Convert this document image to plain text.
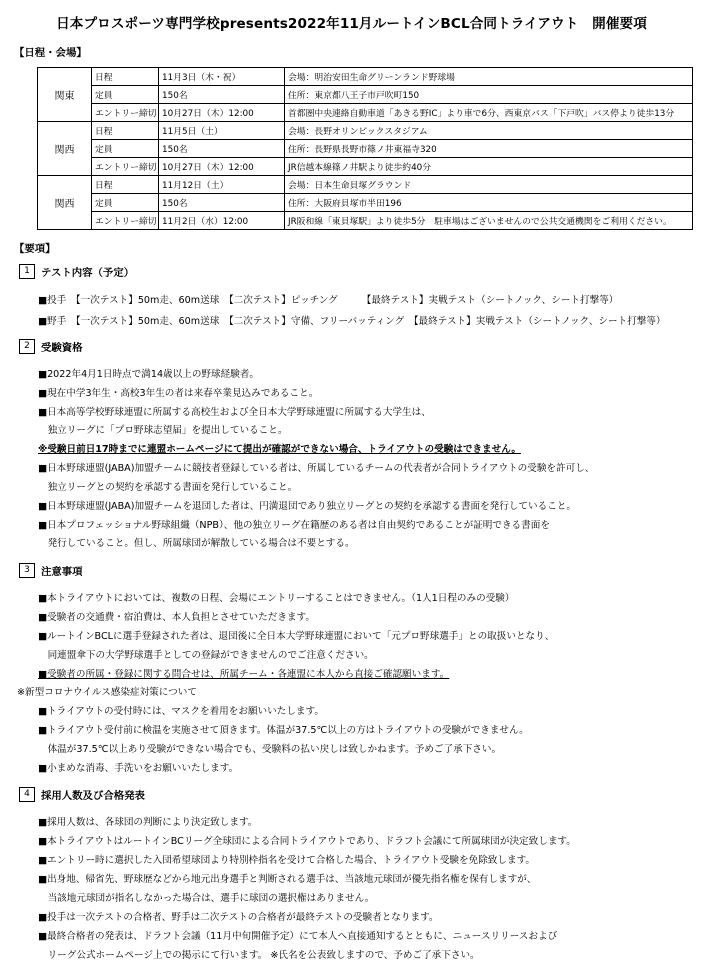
日本プロスポーツ専門学校presents2022年11月ルートインBCL合同トライアウト　開催要項
【日程・会場】
関東	日程	11月3日（木・祝）	会場：明治安田生命グリーンランド野球場
	定員	150名	住所：東京都八王子市戸吹町150
	エントリー締切	10月27日（木）12:00	首都圏中央連絡自動車道「あきる野IC」より車で6分、西東京バス「下戸吹」バス停より徒歩13分
関西	日程	11月5日（土）	会場：長野オリンピックスタジアム
	定員	150名	住所：長野県長野市篠ノ井東福寺320
	エントリー締切	10月27日（木）12:00	JR信越本線篠ノ井駅より徒歩約40分
関西	日程	11月12日（土）	会場：日本生命貝塚グラウンド
	定員	150名	住所：大阪府貝塚市半田196
	エントリー締切	11月2日（水）12:00	JR阪和線「東貝塚駅」より徒歩5分　駐車場はございませんので公共交通機関をご利用ください。
【要項】
1	テスト内容（予定）
■投手　【一次テスト】50m走、60m送球　【二次テスト】ピッチング　　　【最終テスト】実戦テスト（シートノック、シート打撃等）
■野手　【一次テスト】50m走、60m送球　【二次テスト】守備、フリーバッティング　【最終テスト】実戦テスト（シートノック、シート打撃等）
2	受験資格
■2022年4月1日時点で満14歳以上の野球経験者。
■現在中学3年生・高校3年生の者は来春卒業見込みであること。
■日本高等学校野球連盟に所属する高校生および全日本大学野球連盟に所属する大学生は、
　独立リーグに「プロ野球志望届」を提出していること。
※受験日前日17時までに連盟ホームページにて提出が確認ができない場合、トライアウトの受験はできません。
■日本野球連盟(JABA)加盟チームに競技者登録している者は、所属しているチームの代表者が合同トライアウトの受験を許可し、
　独立リーグとの契約を承認する書面を発行していること。
■日本野球連盟(JABA)加盟チームを退団した者は、円満退団であり独立リーグとの契約を承認する書面を発行していること。
■日本プロフェッショナル野球組織（NPB）、他の独立リーグ在籍歴のある者は自由契約であることが証明できる書面を
　発行していること。但し、所属球団が解散している場合は不要とする。
3	注意事項
■本トライアウトにおいては、複数の日程、会場にエントリーすることはできません。（1人1日程のみの受験）
■受験者の交通費・宿泊費は、本人負担とさせていただきます。
■ルートインBCLに選手登録された者は、退団後に全日本大学野球連盟において「元プロ野球選手」との取扱いとなり、
　同連盟傘下の大学野球選手としての登録ができませんのでご注意ください。
■受験者の所属・登録に関する問合せは、所属チーム・各連盟に本人から直接ご確認願います。
※新型コロナウイルス感染症対策について
■トライアウトの受付時には、マスクを着用をお願いいたします。
■トライアウト受付前に検温を実施させて頂きます。体温が37.5℃以上の方はトライアウトの受験ができません。
　体温が37.5℃以上あり受験ができない場合でも、受験料の払い戻しは致しかねます。予めご了承下さい。
■小まめな消毒、手洗いをお願いいたします。
4	採用人数及び合格発表
■採用人数は、各球団の判断により決定致します。
■本トライアウトはルートインBCリーグ全球団による合同トライアウトであり、ドラフト会議にて所属球団が決定致します。
■エントリー時に選択した入団希望球団より特別枠指名を受けて合格した場合、トライアウト受験を免除致します。
■出身地、帰省先、野球歴などから地元出身選手と判断される選手は、当該地元球団が優先指名権を保有しますが、
　当該地元球団が指名しなかった場合は、選手に球団の選択権はありません。
■投手は一次テストの合格者、野手は二次テストの合格者が最終テストの受験者となります。
■最終合格者の発表は、ドラフト会議（11月中旬開催予定）にて本人へ直接通知するとともに、ニュースリリースおよび
　リーグ公式ホームページ上での掲示にて行います。 ※氏名を公表致しますので、予めご了承下さい。
